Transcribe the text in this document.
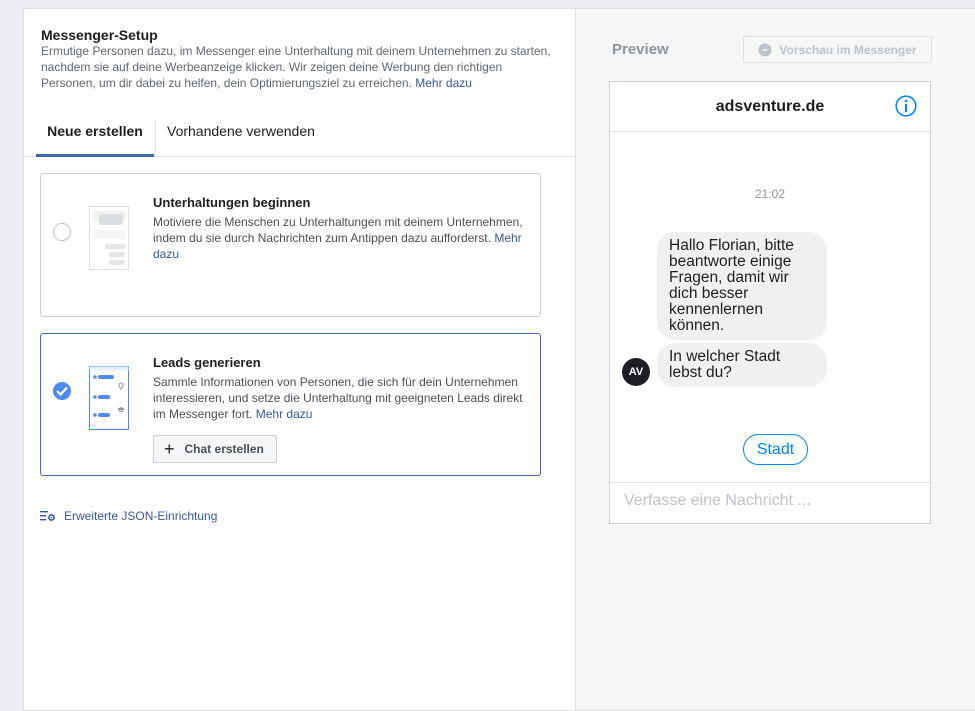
Messenger-Setup
Ermutige Personen dazu, im Messenger eine Unterhaltung mit deinem Unternehmen zu starten, nachdem sie auf deine Werbeanzeige klicken. Wir zeigen deine Werbung den richtigen Personen, um dir dabei zu helfen, dein Optimierungsziel zu erreichen. Mehr dazu
Neue erstellen	Vorhandene verwenden
Unterhaltungen beginnen
Motiviere die Menschen zu Unterhaltungen mit deinem Unternehmen, indem du sie durch Nachrichten zum Antippen dazu aufforderst. Mehr dazu
Leads generieren
Sammle Informationen von Personen, die sich für dein Unternehmen interessieren, und setze die Unterhaltung mit geeigneten Leads direkt im Messenger fort. Mehr dazu
+ Chat erstellen
Erweiterte JSON-Einrichtung
Preview	Vorschau im Messenger
adsventure.de
21:02
Hallo Florian, bitte beantworte einige Fragen, damit wir dich besser kennenlernen können.
In welcher Stadt lebst du?
AV
Stadt
Verfasse eine Nachricht ...
